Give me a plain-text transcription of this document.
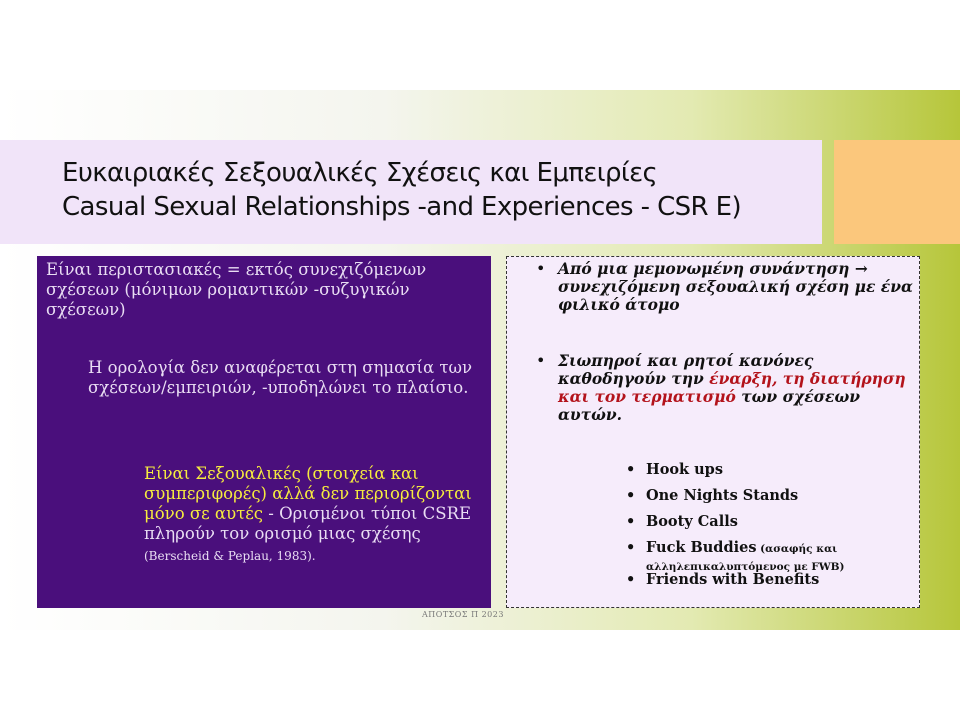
Ευκαιριακές Σεξουαλικές Σχέσεις και Εμπειρίες
Casual Sexual Relationships -and Experiences - CSR E)
Είναι περιστασιακές = εκτός συνεχιζόμενων σχέσεων (μόνιμων ρομαντικών -συζυγικών σχέσεων)
Η ορολογία δεν αναφέρεται στη σημασία των σχέσεων/εμπειριών, -υποδηλώνει το πλαίσιο.
Είναι Σεξουαλικές (στοιχεία και συμπεριφορές) αλλά δεν περιορίζονται μόνο σε αυτές - Ορισμένοι τύποι CSRE πληρούν τον ορισμό μιας σχέσης (Berscheid & Peplau, 1983).
• Από μια μεμονωμένη συνάντηση → συνεχιζόμενη σεξουαλική σχέση με ένα φιλικό άτομο
• Σιωπηροί και ρητοί κανόνες καθοδηγούν την έναρξη, τη διατήρηση και τον τερματισμό των σχέσεων αυτών.
• Hook ups
• One Nights Stands
• Booty Calls
• Fuck Buddies (ασαφής και αλληλεπικαλυπτόμενος με FWB)
• Friends with Benefits
ΑΠΟΤΣΟΣ Π 2023
